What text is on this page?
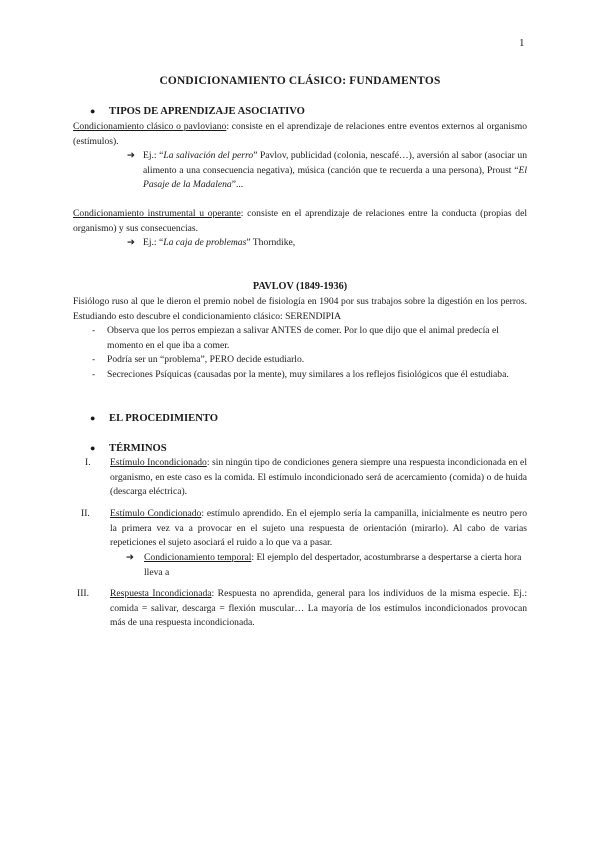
1
CONDICIONAMIENTO CLÁSICO: FUNDAMENTOS
● TIPOS DE APRENDIZAJE ASOCIATIVO
Condicionamiento clásico o pavloviano: consiste en el aprendizaje de relaciones entre eventos externos al organismo (estímulos).
➔ Ej.: “La salivación del perro” Pavlov, publicidad (colonia, nescafé…), aversión al sabor (asociar un alimento a una consecuencia negativa), música (canción que te recuerda a una persona), Proust “El Pasaje de la Madalena”...
Condicionamiento instrumental u operante: consiste en el aprendizaje de relaciones entre la conducta (propias del organismo) y sus consecuencias.
➔ Ej.: “La caja de problemas” Thorndike,
PAVLOV (1849-1936)
Fisiólogo ruso al que le dieron el premio nobel de fisiología en 1904 por sus trabajos sobre la digestión en los perros. Estudiando esto descubre el condicionamiento clásico: SERENDIPIA
- Observa que los perros empiezan a salivar ANTES de comer. Por lo que dijo que el animal predecía el momento en el que iba a comer.
- Podría ser un “problema”, PERO decide estudiarlo.
- Secreciones Psíquicas (causadas por la mente), muy similares a los reflejos fisiológicos que él estudiaba.
● EL PROCEDIMIENTO
● TÉRMINOS
I. Estímulo Incondicionado: sin ningún tipo de condiciones genera siempre una respuesta incondicionada en el organismo, en este caso es la comida. El estímulo incondicionado será de acercamiento (comida) o de huida (descarga eléctrica).
II. Estímulo Condicionado: estímulo aprendido. En el ejemplo sería la campanilla, inicialmente es neutro pero la primera vez va a provocar en el sujeto una respuesta de orientación (mirarlo). Al cabo de varias repeticiones el sujeto asociará el ruido a lo que va a pasar.
➔ Condicionamiento temporal: El ejemplo del despertador, acostumbrarse a despertarse a cierta hora lleva a
III. Respuesta Incondicionada: Respuesta no aprendida, general para los individuos de la misma especie. Ej.: comida = salivar, descarga = flexión muscular… La mayoría de los estímulos incondicionados provocan más de una respuesta incondicionada.
